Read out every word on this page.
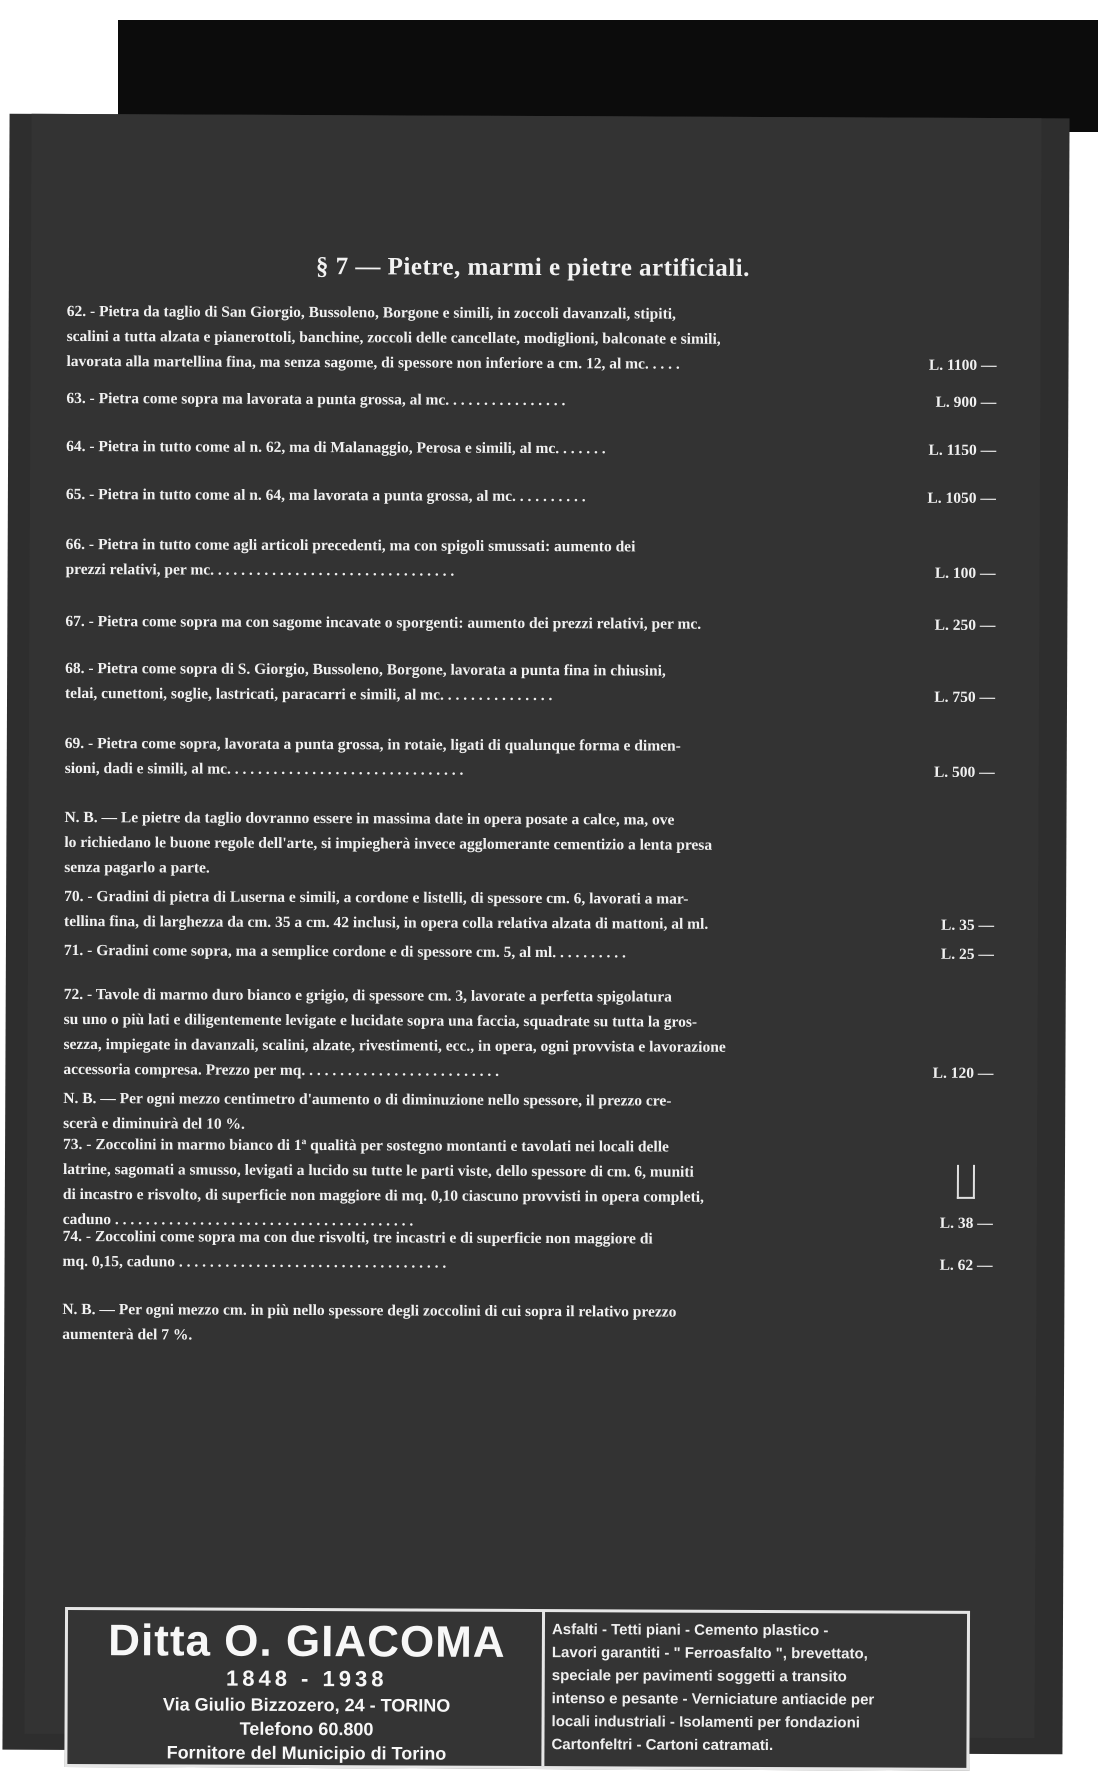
§ 7 — Pietre, marmi e pietre artificiali.
62. - Pietra da taglio di San Giorgio, Bussoleno, Borgone e simili, in zoccoli davanzali, stipiti,
scalini a tutta alzata e pianerottoli, banchine, zoccoli delle cancellate, modiglioni, balconate e simili,
lavorata alla martellina fina, ma senza sagome, di spessore non inferiore a cm. 12, al mc. . . . .	L. 1100 —
63. - Pietra come sopra ma lavorata a punta grossa, al mc. . . . . . . . . . . . . . . .	L. 900 —
64. - Pietra in tutto come al n. 62, ma di Malanaggio, Perosa e simili, al mc. . . . . . .	L. 1150 —
65. - Pietra in tutto come al n. 64, ma lavorata a punta grossa, al mc. . . . . . . . . .	L. 1050 —
66. - Pietra in tutto come agli articoli precedenti, ma con spigoli smussati: aumento dei
prezzi relativi, per mc. . . . . . . . . . . . . . . . . . . . . . . . . . . . . . . .	L. 100 —
67. - Pietra come sopra ma con sagome incavate o sporgenti: aumento dei prezzi relativi, per mc.	L. 250 —
68. - Pietra come sopra di S. Giorgio, Bussoleno, Borgone, lavorata a punta fina in chiusini,
telai, cunettoni, soglie, lastricati, paracarri e simili, al mc. . . . . . . . . . . . . . .	L. 750 —
69. - Pietra come sopra, lavorata a punta grossa, in rotaie, ligati di qualunque forma e dimen-
sioni, dadi e simili, al mc. . . . . . . . . . . . . . . . . . . . . . . . . . . . . . .	L. 500 —
N. B. — Le pietre da taglio dovranno essere in massima date in opera posate a calce, ma, ove
lo richiedano le buone regole dell'arte, si impiegherà invece agglomerante cementizio a lenta presa
senza pagarlo a parte.
70. - Gradini di pietra di Luserna e simili, a cordone e listelli, di spessore cm. 6, lavorati a mar-
tellina fina, di larghezza da cm. 35 a cm. 42 inclusi, in opera colla relativa alzata di mattoni, al ml.	L. 35 —
71. - Gradini come sopra, ma a semplice cordone e di spessore cm. 5, al ml. . . . . . . . . .	L. 25 —
72. - Tavole di marmo duro bianco e grigio, di spessore cm. 3, lavorate a perfetta spigolatura
su uno o più lati e diligentemente levigate e lucidate sopra una faccia, squadrate su tutta la gros-
sezza, impiegate in davanzali, scalini, alzate, rivestimenti, ecc., in opera, ogni provvista e lavorazione
accessoria compresa. Prezzo per mq. . . . . . . . . . . . . . . . . . . . . . . . . .	L. 120 —
N. B. — Per ogni mezzo centimetro d'aumento o di diminuzione nello spessore, il prezzo cre-
scerà e diminuirà del 10 %.
73. - Zoccolini in marmo bianco di 1ª qualità per sostegno montanti e tavolati nei locali delle
latrine, sagomati a smusso, levigati a lucido su tutte le parti viste, dello spessore di cm. 6, muniti
di incastro e risvolto, di superficie non maggiore di mq. 0,10 ciascuno provvisti in opera completi,
caduno . . . . . . . . . . . . . . . . . . . . . . . . . . . . . . . . . . . . . . .	L. 38 —
74. - Zoccolini come sopra ma con due risvolti, tre incastri e di superficie non maggiore di
mq. 0,15, caduno . . . . . . . . . . . . . . . . . . . . . . . . . . . . . . . . . . .	L. 62 —
N. B. — Per ogni mezzo cm. in più nello spessore degli zoccolini di cui sopra il relativo prezzo
aumenterà del 7 %.
Ditta O. GIACOMA
1848 - 1938
Via Giulio Bizzozero, 24 - TORINO
Telefono 60.800
Fornitore del Municipio di Torino
Asfalti - Tetti piani - Cemento plastico -
Lavori garantiti - " Ferroasfalto ", brevettato,
speciale per pavimenti soggetti a transito
intenso e pesante - Verniciature antiacide per
locali industriali - Isolamenti per fondazioni
Cartonfeltri - Cartoni catramati.
